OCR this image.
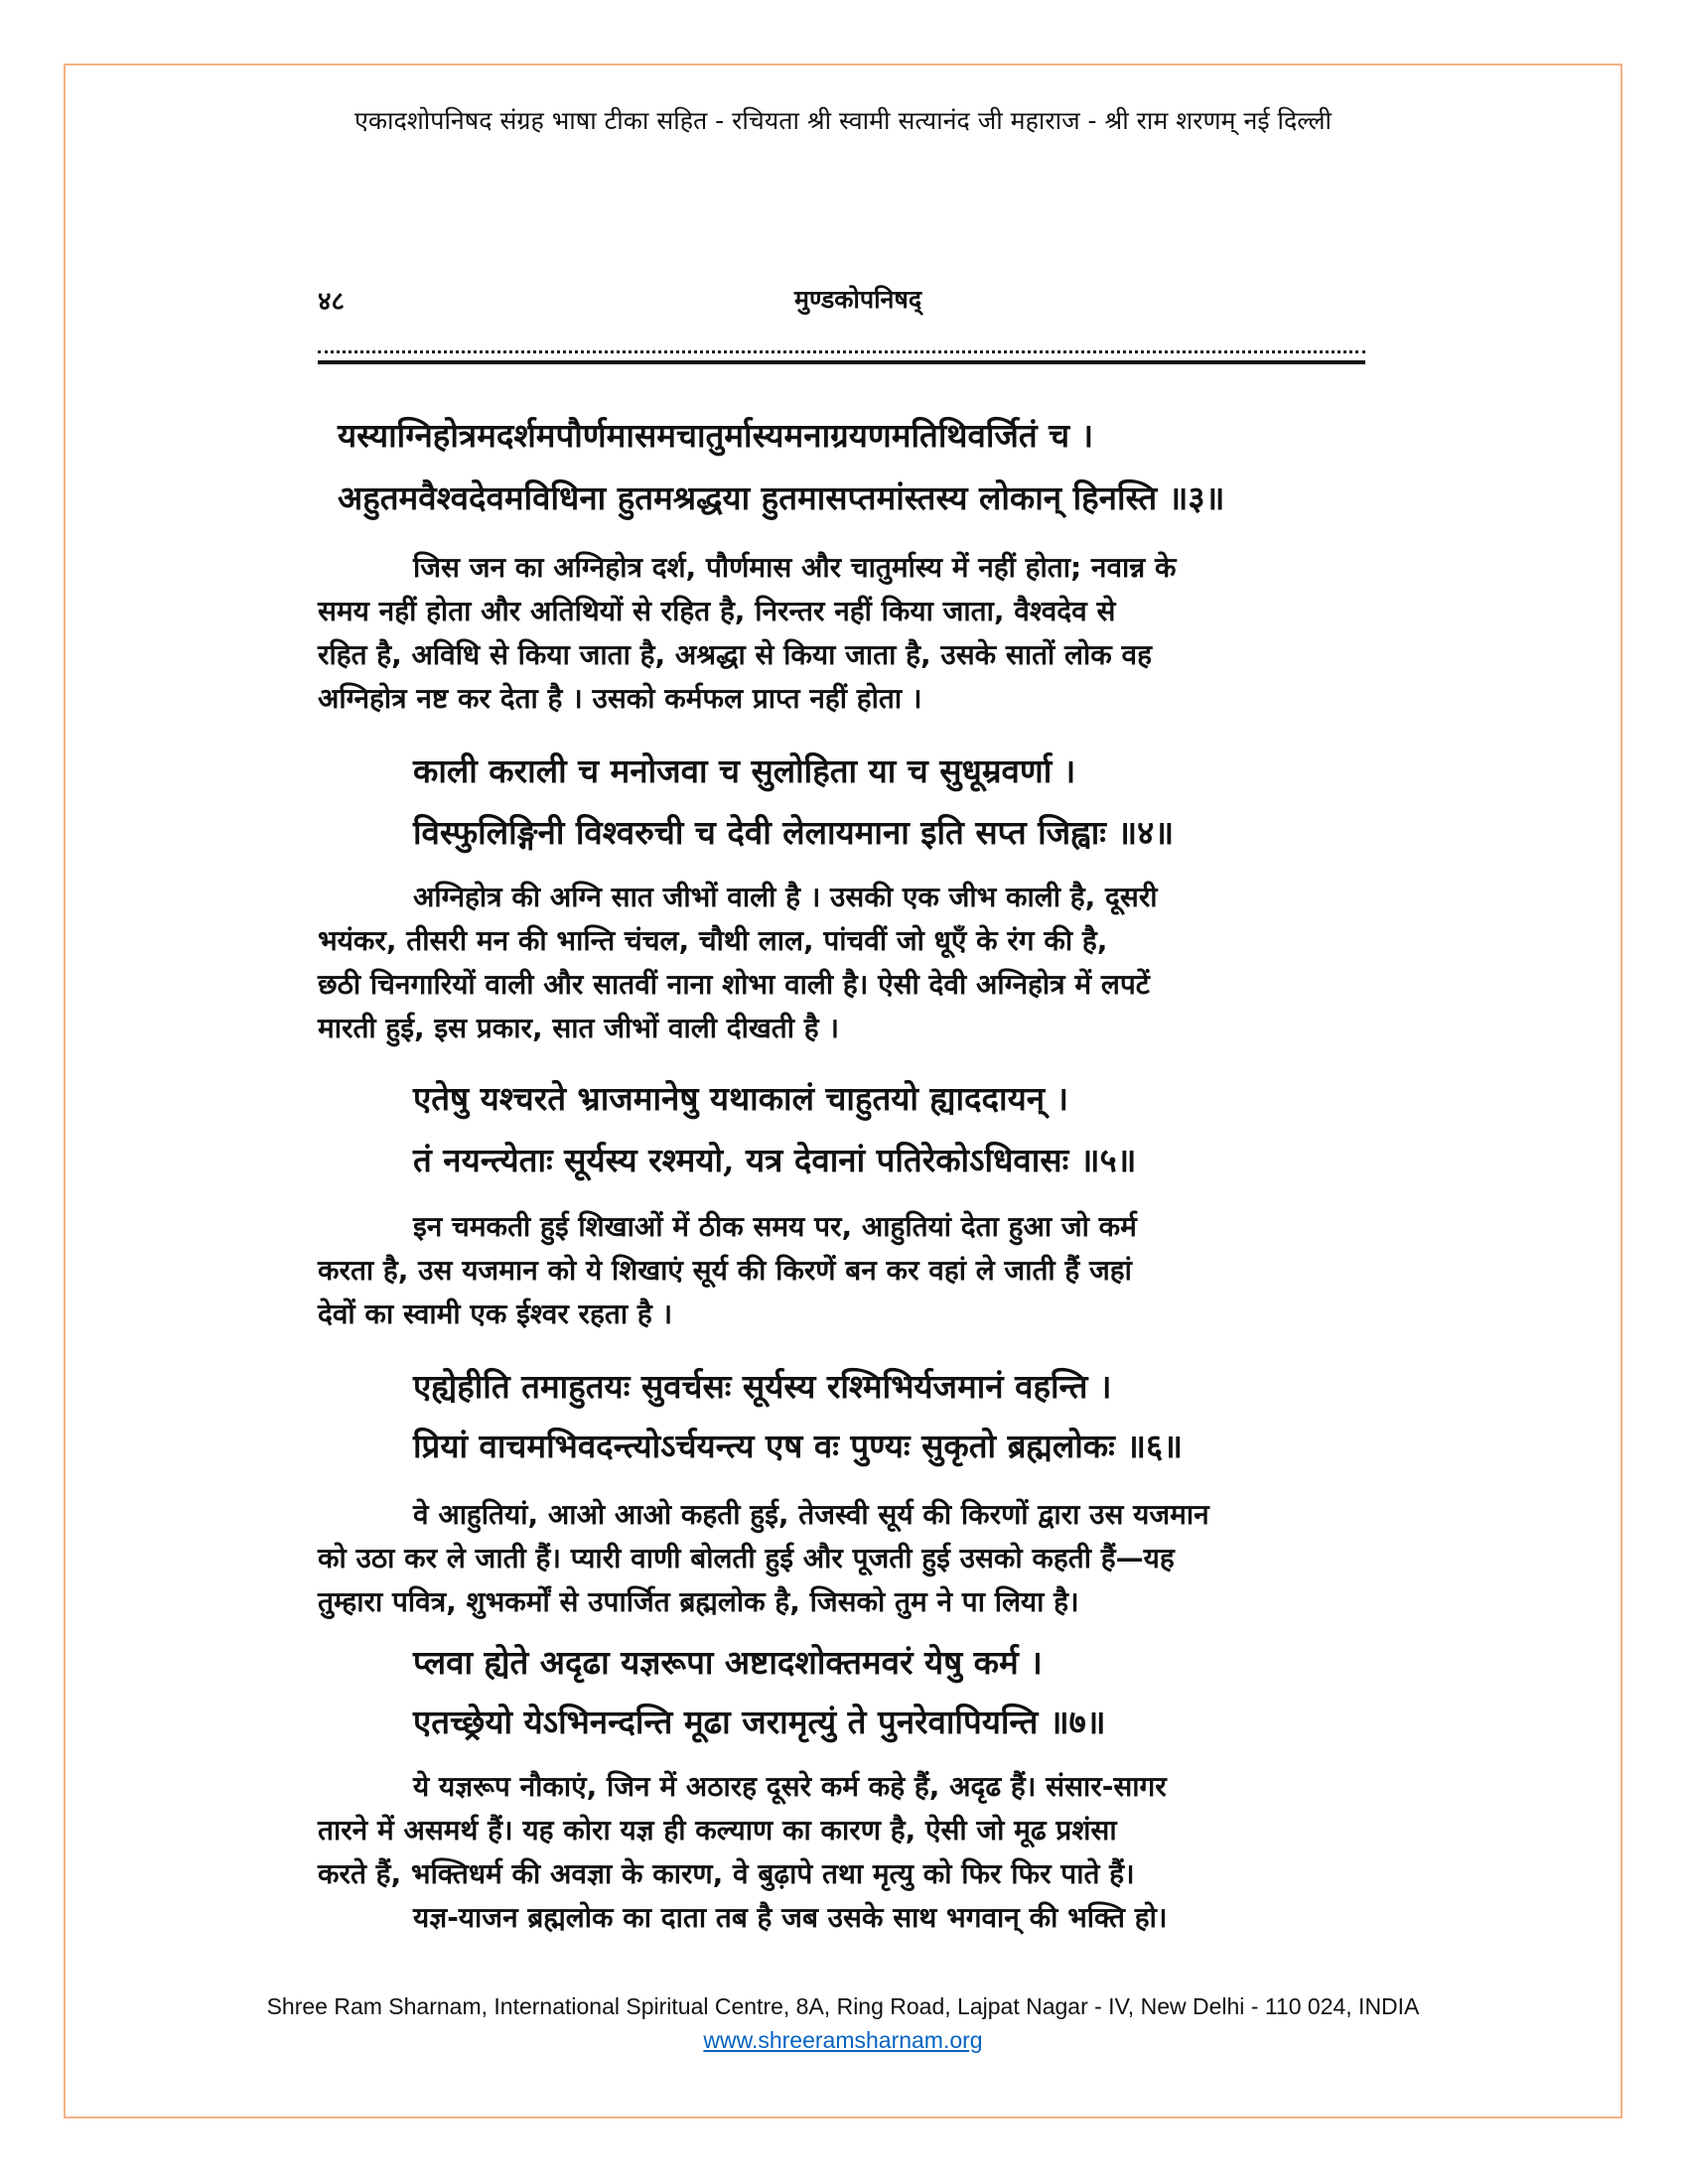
एकादशोपनिषद संग्रह भाषा टीका सहित - रचियता श्री स्वामी सत्यानंद जी महाराज - श्री राम शरणम् नई दिल्ली
४८	मुण्डकोपनिषद्
यस्याग्निहोत्रमदर्शमपौर्णमासमचातुर्मास्यमनाग्रयणमतिथिवर्जितं च ।
अहुतमवैश्वदेवमविधिना हुतमश्रद्धया हुतमासप्तमांस्तस्य लोकान् हिनस्ति ॥३॥
जिस जन का अग्निहोत्र दर्श, पौर्णमास और चातुर्मास्य में नहीं होता; नवान्न के
समय नहीं होता और अतिथियों से रहित है, निरन्तर नहीं किया जाता, वैश्वदेव से
रहित है, अविधि से किया जाता है, अश्रद्धा से किया जाता है, उसके सातों लोक वह
अग्निहोत्र नष्ट कर देता है । उसको कर्मफल प्राप्त नहीं होता ।
काली कराली च मनोजवा च सुलोहिता या च सुधूम्रवर्णा ।
विस्फुलिङ्गिनी विश्वरुची च देवी लेलायमाना इति सप्त जिह्वाः ॥४॥
अग्निहोत्र की अग्नि सात जीभों वाली है । उसकी एक जीभ काली है, दूसरी
भयंकर, तीसरी मन की भान्ति चंचल, चौथी लाल, पांचवीं जो धूएँ के रंग की है,
छठी चिनगारियों वाली और सातवीं नाना शोभा वाली है। ऐसी देवी अग्निहोत्र में लपटें
मारती हुई, इस प्रकार, सात जीभों वाली दीखती है ।
एतेषु यश्चरते भ्राजमानेषु यथाकालं चाहुतयो ह्याददायन् ।
तं नयन्त्येताः सूर्यस्य रश्मयो, यत्र देवानां पतिरेकोऽधिवासः ॥५॥
इन चमकती हुई शिखाओं में ठीक समय पर, आहुतियां देता हुआ जो कर्म
करता है, उस यजमान को ये शिखाएं सूर्य की किरणें बन कर वहां ले जाती हैं जहां
देवों का स्वामी एक ईश्वर रहता है ।
एह्येहीति तमाहुतयः सुवर्चसः सूर्यस्य रश्मिभिर्यजमानं वहन्ति ।
प्रियां वाचमभिवदन्त्योऽर्चयन्त्य एष वः पुण्यः सुकृतो ब्रह्मलोकः ॥६॥
वे आहुतियां, आओ आओ कहती हुई, तेजस्वी सूर्य की किरणों द्वारा उस यजमान
को उठा कर ले जाती हैं। प्यारी वाणी बोलती हुई और पूजती हुई उसको कहती हैं—यह
तुम्हारा पवित्र, शुभकर्मों से उपार्जित ब्रह्मलोक है, जिसको तुम ने पा लिया है।
प्लवा ह्येते अदृढा यज्ञरूपा अष्टादशोक्तमवरं येषु कर्म ।
एतच्छ्रेयो येऽभिनन्दन्ति मूढा जरामृत्युं ते पुनरेवापियन्ति ॥७॥
ये यज्ञरूप नौकाएं, जिन में अठारह दूसरे कर्म कहे हैं, अदृढ हैं। संसार-सागर
तारने में असमर्थ हैं। यह कोरा यज्ञ ही कल्याण का कारण है, ऐसी जो मूढ प्रशंसा
करते हैं, भक्तिधर्म की अवज्ञा के कारण, वे बुढ़ापे तथा मृत्यु को फिर फिर पाते हैं।
यज्ञ-याजन ब्रह्मलोक का दाता तब है जब उसके साथ भगवान् की भक्ति हो।
Shree Ram Sharnam, International Spiritual Centre, 8A, Ring Road, Lajpat Nagar - IV, New Delhi - 110 024, INDIA
www.shreeramsharnam.org
